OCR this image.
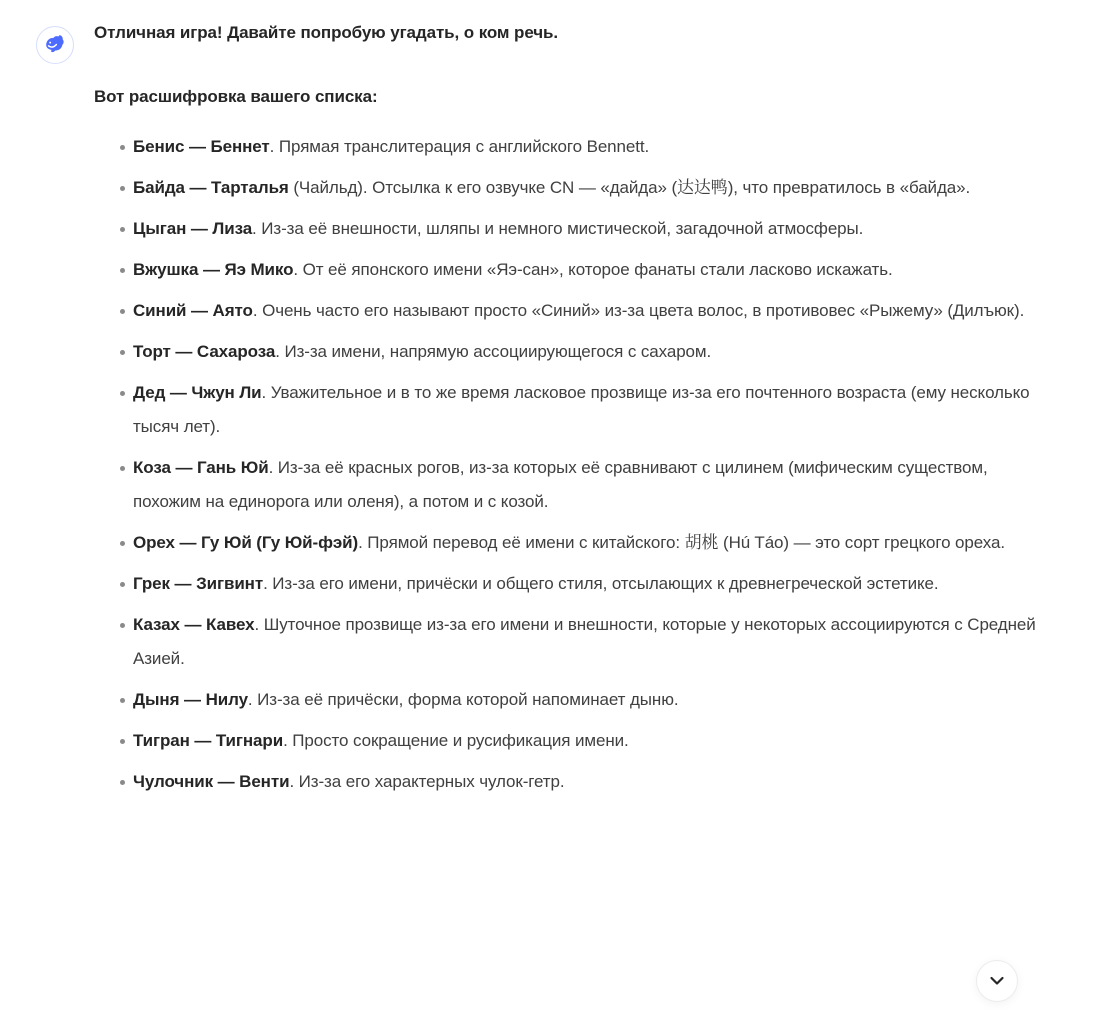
Отличная игра! Давайте попробую угадать, о ком речь.

Вот расшифровка вашего списка:

Бенис — Беннет. Прямая транслитерация с английского Bennett.
Байда — Тарталья (Чайльд). Отсылка к его озвучке CN — «дайда» (达达鸭), что превратилось в «байда».
Цыган — Лиза. Из-за её внешности, шляпы и немного мистической, загадочной атмосферы.
Вжушка — Яэ Мико. От её японского имени «Яэ-сан», которое фанаты стали ласково искажать.
Синий — Аято. Очень часто его называют просто «Синий» из-за цвета волос, в противовес «Рыжему» (Дилъюк).
Торт — Сахароза. Из-за имени, напрямую ассоциирующегося с сахаром.
Дед — Чжун Ли. Уважительное и в то же время ласковое прозвище из-за его почтенного возраста (ему несколько тысяч лет).
Коза — Гань Юй. Из-за её красных рогов, из-за которых её сравнивают с цилинем (мифическим существом, похожим на единорога или оленя), а потом и с козой.
Орех — Гу Юй (Гу Юй-фэй). Прямой перевод её имени с китайского: 胡桃 (Hú Táo) — это сорт грецкого ореха.
Грек — Зигвинт. Из-за его имени, причёски и общего стиля, отсылающих к древнегреческой эстетике.
Казах — Кавех. Шуточное прозвище из-за его имени и внешности, которые у некоторых ассоциируются с Средней Азией.
Дыня — Нилу. Из-за её причёски, форма которой напоминает дыню.
Тигран — Тигнари. Просто сокращение и русификация имени.
Чулочник — Венти. Из-за его характерных чулок-гетр.
